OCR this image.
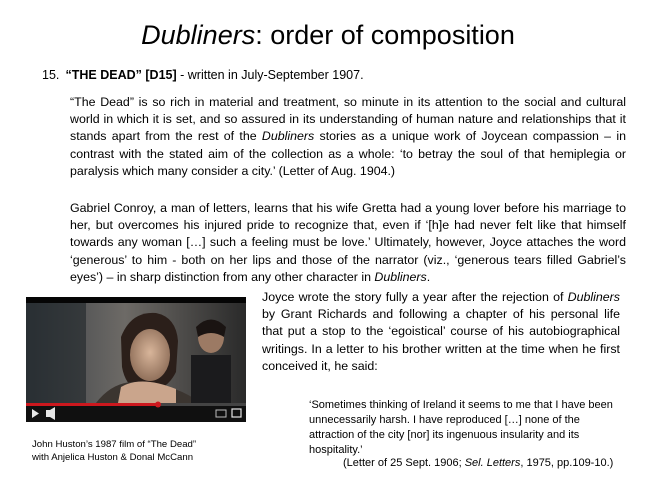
Dubliners: order of composition
15. “THE DEAD” [D15] - written in July-September 1907.
“The Dead” is so rich in material and treatment, so minute in its attention to the social and cultural world in which it is set, and so assured in its understanding of human nature and relationships that it stands apart from the rest of the Dubliners stories as a unique work of Joycean compassion – in contrast with the stated aim of the collection as a whole: ‘to betray the soul of that hemiplegia or paralysis which many consider a city.’ (Letter of Aug. 1904.)
Gabriel Conroy, a man of letters, learns that his wife Gretta had a young lover before his marriage to her, but overcomes his injured pride to recognize that, even if ‘[h]e had never felt like that himself towards any woman […] such a feeling must be love.’ Ultimately, however, Joyce attaches the word ‘generous’ to him - both on her lips and those of the narrator (viz., ‘generous tears filled Gabriel’s eyes’) – in sharp distinction from any other character in Dubliners.
John Huston’s 1987 film of “The Dead”
with Anjelica Huston & Donal McCann
Joyce wrote the story fully a year after the rejection of Dubliners by Grant Richards and following a chapter of his personal life that put a stop to the ‘egoistical’ course of his autobiographical writings. In a letter to his brother written at the time when he first conceived it, he said:
‘Sometimes thinking of Ireland it seems to me that I have been unnecessarily harsh. I have reproduced […] none of the attraction of the city [nor] its ingenuous insularity and its hospitality.’
(Letter of 25 Sept. 1906; Sel. Letters, 1975, pp.109-10.)
